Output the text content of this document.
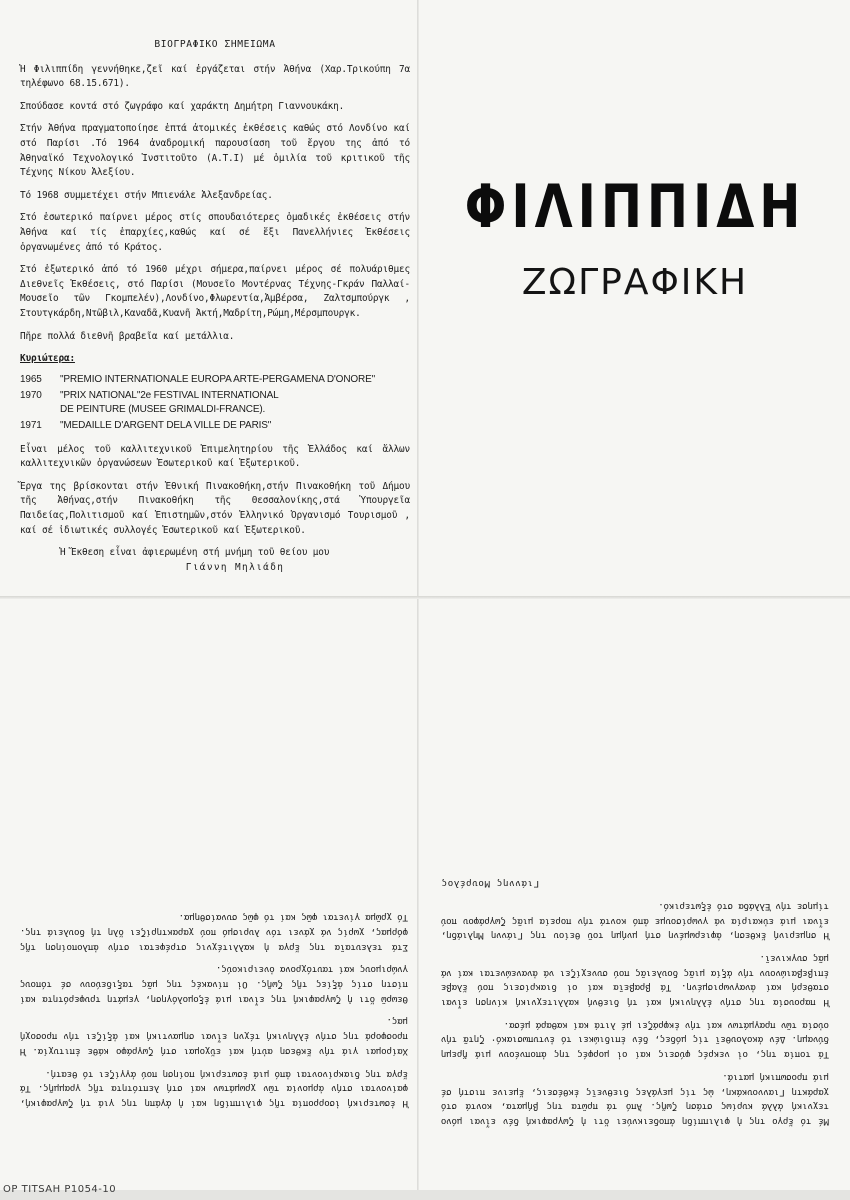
ΒΙΟΓΡΑΦΙΚΟ ΣΗΜΕΙΩΜΑ

Ἡ Φιλιππίδη γεννήθηκε,ζεῖ καί ἐργάζεται στήν Ἀθήνα (Χαρ.Τρικούπη 7α τηλέφωνο 68.15.671).

Σπούδασε κοντά στό ζωγράφο καί χαράκτη Δημήτρη Γιαννουκάκη.

Στήν Ἀθήνα πραγματοποίησε ἑπτά ἀτομικές ἐκθέσεις καθώς στό Λονδίνο καί στό Παρίσι .Τό 1964 ἀναδρομική παρουσίαση τοῦ ἔργου της ἀπό τό Ἀθηναϊκό Τεχνολογικό Ἰνστιτοῦτο (Α.Τ.Ι) μέ ὁμιλία τοῦ κριτικοῦ τῆς Τέχνης Νίκου Ἀλεξίου.

Τό 1968 συμμετέχει στήν Μπιενάλε Ἀλεξανδρείας.

Στό ἐσωτερικό παίρνει μέρος στίς σπουδαιότερες ὁμαδικές ἐκθέσεις στήν Ἀθήνα καί τίς ἐπαρχίες,καθώς καί σέ ἕξι Πανελλήνιες Ἐκθέσεις ὀργανωμένες ἀπό τό Κράτος.

Στό ἐξωτερικό ἀπό τό 1960 μέχρι σήμερα,παίρνει μέρος σέ πολυάριθμες Διεθνεῖς Ἐκθέσεις, στό Παρίσι (Μουσεῖο Μοντέρνας Τέχνης-Γκράν Παλλαί-Μουσεῖο τῶν Γκομπελέν),Λονδίνο,Φλωρεντία,Ἀμβέρσα, Ζαλτσμπούργκ , Στουτγκάρδη,Ντῶβιλ,Καναδᾶ,Κυανῆ Ἀκτή,Μαδρίτη,Ρώμη,Μέρσμπουργκ.

Πῆρε πολλά διεθνῆ βραβεῖα καί μετάλλια.

Κυριώτερα:
1965	"PREMIO INTERNATIONALE EUROPA ARTE-PERGAMENA D'ONORE"
1970	"PRIX NATIONAL"2e FESTIVAL INTERNATIONAL
DE PEINTURE (MUSEE GRIMALDI-FRANCE).
1971	"MEDAILLE D'ARGENT DELA VILLE DE PARIS"

Εἶναι μέλος τοῦ καλλιτεχνικοῦ Ἐπιμελητηρίου τῆς Ἑλλάδος καί ἄλλων καλλιτεχνικῶν ὀργανώσεων Ἐσωτερικοῦ καί Ἐξωτερικοῦ.

Ἔργα της βρίσκονται στήν Ἐθνική Πινακοθήκη,στήν Πινακοθήκη τοῦ Δήμου τῆς Ἀθήνας,στήν Πινακοθήκη τῆς Θεσσαλονίκης,στά Ὑπουργεῖα Παιδείας,Πολιτισμοῦ καί Ἐπιστημῶν,στόν Ἑλληνικό Ὀργανισμό Τουρισμοῦ , καί σέ ἰδιωτικές συλλογές Ἐσωτερικοῦ καί Ἐξωτερικοῦ.

Ἡ Ἔκθεση εἶναι ἀφιερωμένη στή μνήμη τοῦ θείου μου
Γιάννη Μηλιάδη
ΦΙΛΙΠΠΙΔΗ
ΖΩΓΡΑΦΙΚΗ

Ἡ ἐσωτερική ἰσορροπία τῆς φιλιππίδη καί ἡ ἀγάπη της γιά τή ζωγραφική, φαίνονται στήν ἁρμονία τῶν χρωμάτων καί στή λεπτότητα τῆς γραμμῆς. Τά ἔργα της διακρίνονται ἀπό μιά ἐσωτερική ποίηση πού ἀγγίζει τό θεατή.

Χαίρομαι γιά τήν ἔκθεση αὐτή καί εὔχομαι στή ζωγράφο κάθε ἐπιτυχία. Ἡ προσφορά της στήν ἑλληνική τέχνη εἶναι σημαντική καί ἀξίζει τήν προσοχή μας.

Θεωρῶ ὅτι ἡ ζωγραφική της εἶναι μιά ἐξομολόγηση, γεμάτη τρυφερότητα καί πίστη στίς ἀξίες τῆς ζωῆς. Οἱ πίνακές της μᾶς ταξιδεύουν σέ τόπους γνώριμους καί ταυτόχρονα ὀνειρικούς.

Στά τελευταῖα της ἔργα ἡ καλλιτέχνις στρέφεται στήν ἀπλοποίηση τῆς φόρμας, χωρίς νά χάνει τόν λυρισμό πού χαρακτηρίζει ὅλη τή δουλειά της. Τό χρῶμα γίνεται φῶς καί τό φῶς συναίσθημα.

Μέ τό ἔργο της ἡ φιλιππίδη ἀποδεικνύει ὅτι ἡ ζωγραφική δέν εἶναι μόνο τεχνική ἀλλά κυρίως στάση ζωῆς. Ἀπό τά πρῶτα της βήματα, κοντά στό χαράκτη Γιαννουκάκη, ὡς τίς μεγάλες διεθνεῖς ἐκθέσεις, ἔμεινε πιστή σέ μιά προσωπική ματιά.

Τά τοπία της, οἱ νεκρές φύσεις καί οἱ μορφές της ἀποπνέουν μιά ἤρεμη δύναμη. Δέν ἀκολουθεῖ τίς μόδες, δέν ἐπιδιώκει τό ἐντυπωσιακό· ζητᾶ τήν οὐσία τῶν πραγμάτων καί τήν ἐκφράζει μέ λιτά καί καθαρά μέσα.

Ἡ παρουσία της στήν ἑλληνική καί τή διεθνή καλλιτεχνική κίνηση εἶναι σταθερή καί ἀναγνωρισμένη. Τά βραβεῖα καί οἱ διακρίσεις πού ἔλαβε ἐπιβεβαιώνουν τήν ἀξία μιᾶς δουλειᾶς πού συνεχίζει νά ἀνανεώνεται καί νά μᾶς συγκινεῖ.

Ἡ σημερινή ἔκθεση, ἀφιερωμένη στή μνήμη τοῦ θείου της Γιάννη Μηλιάδη, εἶναι μιά εὐκαιρία νά γνωρίσουμε ἀπό κοντά τήν πορεία μιᾶς ζωγράφου πού τίμησε τήν Ἑλλάδα στό ἐξωτερικό.

Γιάννης Μουρέλος
OP TITSAH P1054-10
